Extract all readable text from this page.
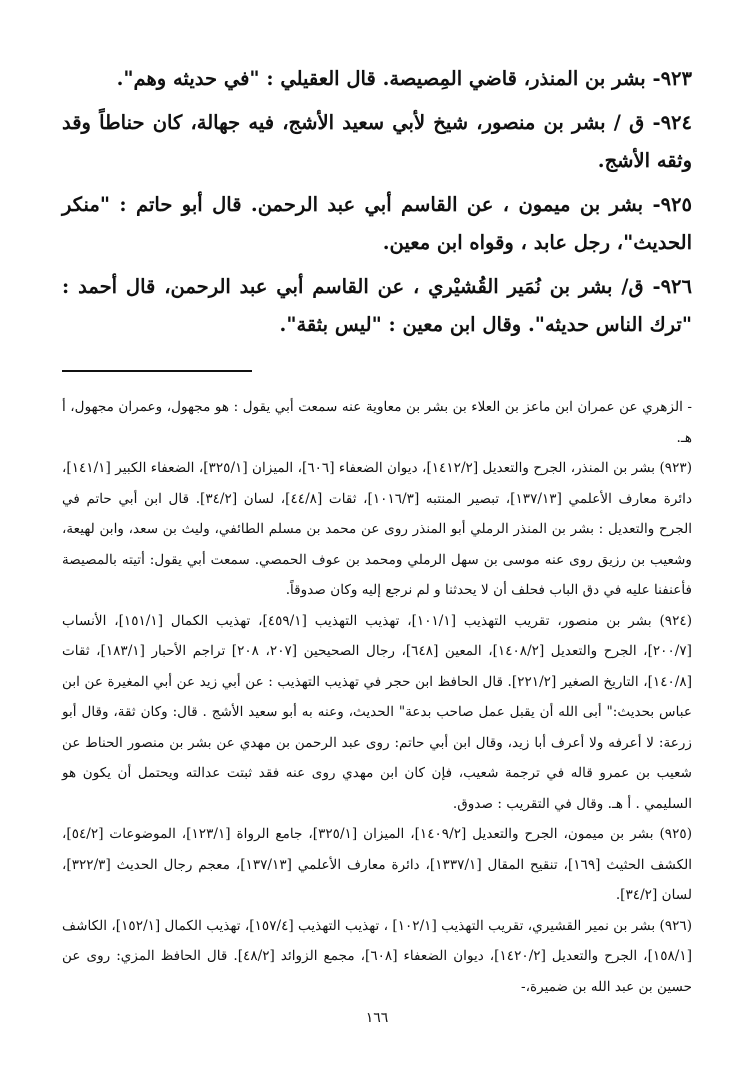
٩٢٣- بشر بن المنذر، قاضي المِصيصة. قال العقيلي : "في حديثه وهم".

٩٢٤- ق / بشر بن منصور، شيخ لأبي سعيد الأشج، فيه جهالة، كان حناطاً وقد وثقه الأشج.

٩٢٥- بشر بن ميمون ، عن القاسم أبي عبد الرحمن. قال أبو حاتم : "منكر الحديث"، رجل عابد ، وقواه ابن معين.

٩٢٦- ق/ بشر بن نُمَير القُشيْري ، عن القاسم أبي عبد الرحمن، قال أحمد : "ترك الناس حديثه". وقال ابن معين : "ليس بثقة".

- الزهري عن عمران ابن ماعز بن العلاء بن بشر بن معاوية عنه سمعت أبي يقول : هو مجهول، وعمران مجهول، أ هـ.

(٩٢٣) بشر بن المنذر، الجرح والتعديل [١٤١٢/٢]، ديوان الضعفاء [٦٠٦]، الميزان [٣٢٥/١]، الضعفاء الكبير [١٤١/١]، دائرة معارف الأعلمي [١٣٧/١٣]، تبصير المنتبه [١٠١٦/٣]، ثقات [٤٤/٨]، لسان [٣٤/٢]. قال ابن أبي حاتم في الجرح والتعديل : بشر بن المنذر الرملي أبو المنذر روى عن محمد بن مسلم الطائفي، وليث بن سعد، وابن لهيعة، وشعيب بن رزيق روى عنه موسى بن سهل الرملي ومحمد بن عوف الحمصي. سمعت أبي يقول: أتيته بالمصيصة فأعنفنا عليه في دق الباب فحلف أن لا يحدثنا و لم نرجع إليه وكان صدوقاً.

(٩٢٤) بشر بن منصور، تقريب التهذيب [١٠١/١]، تهذيب التهذيب [٤٥٩/١]، تهذيب الكمال [١٥١/١]، الأنساب [٢٠٠/٧]، الجرح والتعديل [١٤٠٨/٢]، المعين [٦٤٨]، رجال الصحيحين [٢٠٧، ٢٠٨] تراجم الأحبار [١٨٣/١]، ثقات [١٤٠/٨]، التاريخ الصغير [٢٢١/٢]. قال الحافظ ابن حجر في تهذيب التهذيب : عن أبي زيد عن أبي المغيرة عن ابن عباس بحديث:" أبى الله أن يقبل عمل صاحب بدعة" الحديث، وعنه به أبو سعيد الأشج . قال: وكان ثقة، وقال أبو زرعة: لا أعرفه ولا أعرف أبا زيد، وقال ابن أبي حاتم: روى عبد الرحمن بن مهدي عن بشر بن منصور الحناط عن شعيب بن عمرو قاله في ترجمة شعيب، فإن كان ابن مهدي روى عنه فقد ثبتت عدالته ويحتمل أن يكون هو السليمي . أ هـ. وقال في التقريب : صدوق.

(٩٢٥) بشر بن ميمون، الجرح والتعديل [١٤٠٩/٢]، الميزان [٣٢٥/١]، جامع الرواة [١٢٣/١]، الموضوعات [٥٤/٢]، الكشف الحثيث [١٦٩]، تنقيح المقال [١٣٣٧/١]، دائرة معارف الأعلمي [١٣٧/١٣]، معجم رجال الحديث [٣٢٢/٣]، لسان [٣٤/٢].

(٩٢٦) بشر بن نمير القشيري، تقريب التهذيب [١٠٢/١] ، تهذيب التهذيب [١٥٧/٤]، تهذيب الكمال [١٥٢/١]، الكاشف [١٥٨/١]، الجرح والتعديل [١٤٢٠/٢]، ديوان الضعفاء [٦٠٨]، مجمع الزوائد [٤٨/٢]. قال الحافظ المزي: روى عن حسين بن عبد الله بن ضميرة،-

١٦٦
